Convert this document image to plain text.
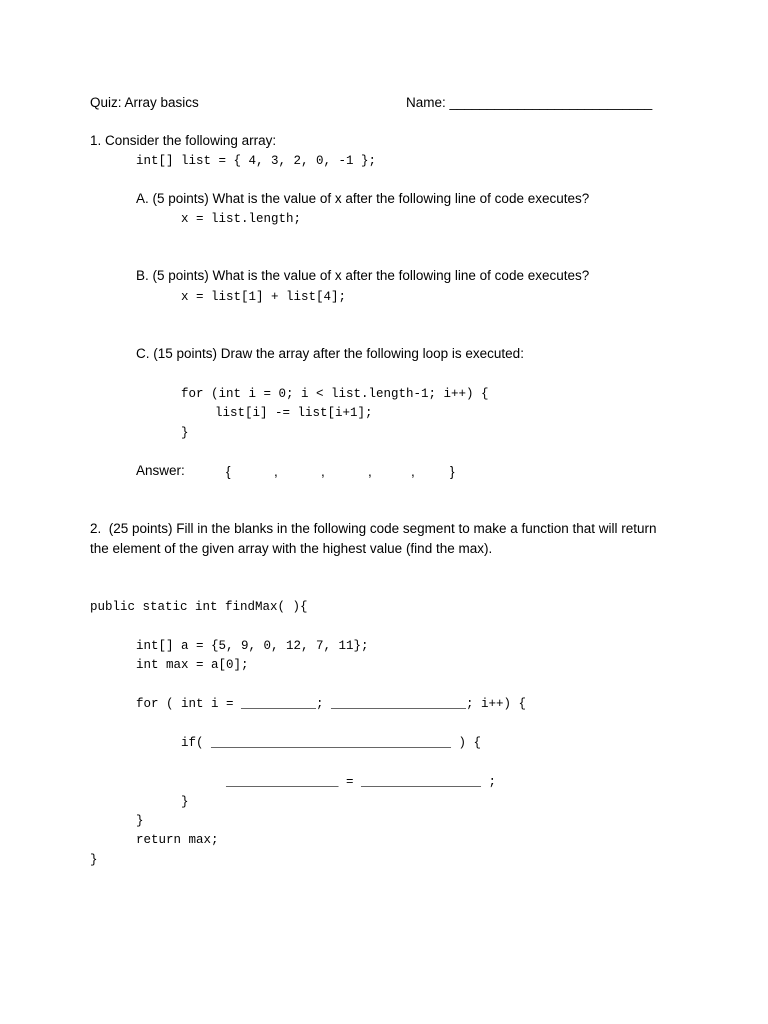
Quiz: Array basics	Name: ___________________________
1. Consider the following array:
int[] list = { 4, 3, 2, 0, -1 };
A. (5 points) What is the value of x after the following line of code executes?
x = list.length;
B. (5 points) What is the value of x after the following line of code executes?
x = list[1] + list[4];
C. (15 points) Draw the array after the following loop is executed:
for (int i = 0; i < list.length-1; i++) {
list[i] -= list[i+1];
}
Answer:	{	,	,	,	,	}
2.  (25 points) Fill in the blanks in the following code segment to make a function that will return
the element of the given array with the highest value (find the max).
public static int findMax( ){
int[] a = {5, 9, 0, 12, 7, 11};
int max = a[0];
for ( int i = __________; __________________; i++) {
if( ________________________________ ) {
_______________ = ________________ ;
}
}
return max;
}
